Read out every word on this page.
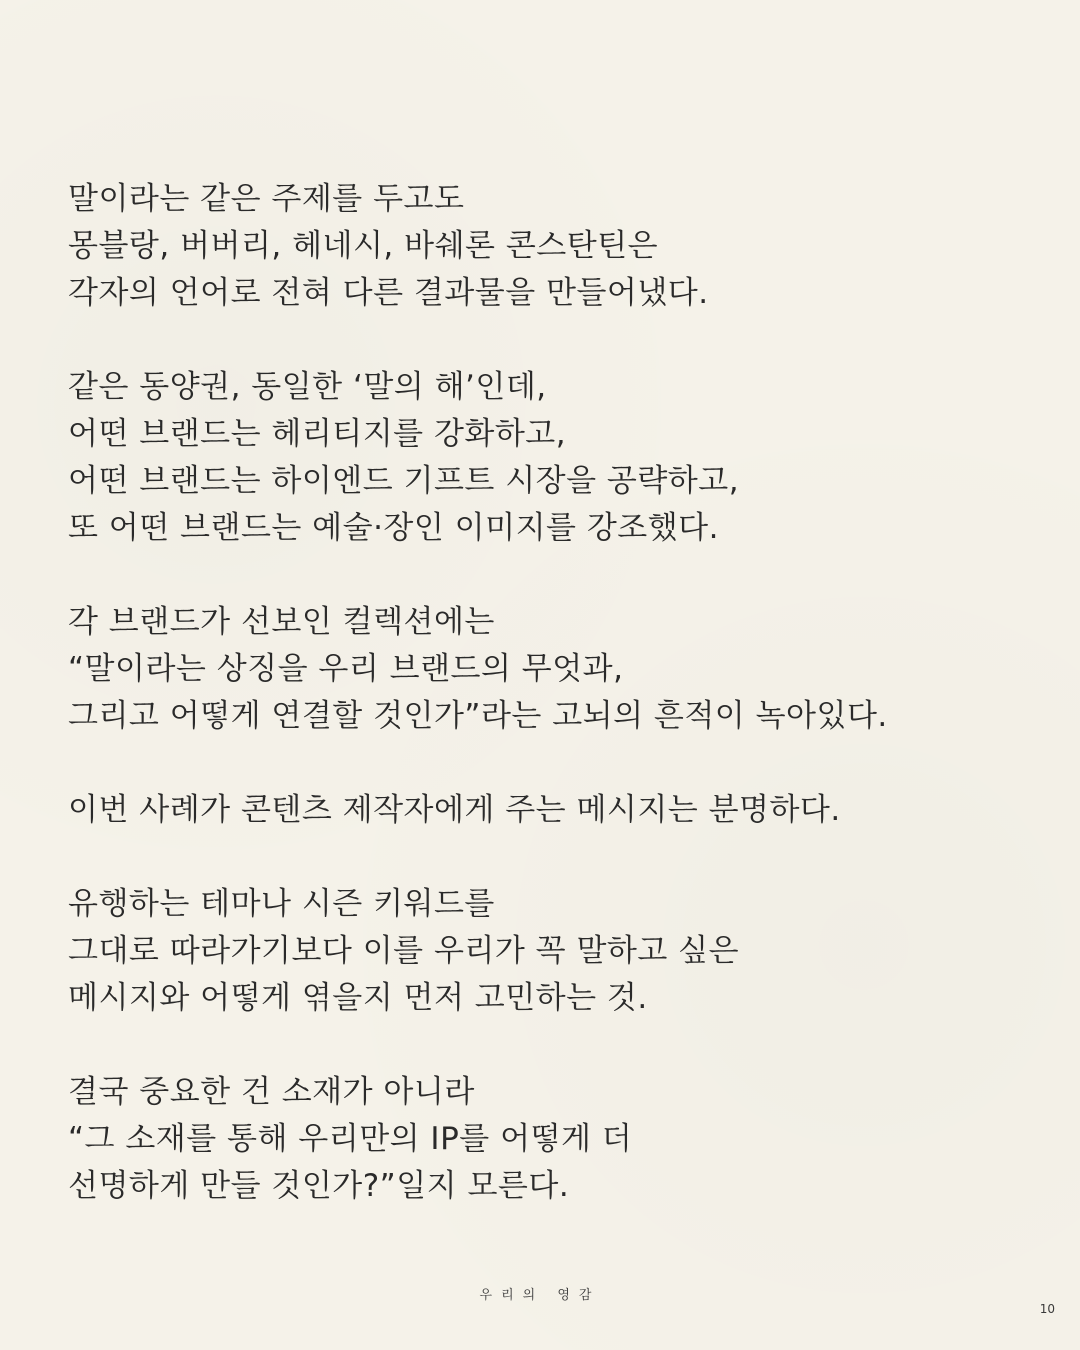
말이라는 같은 주제를 두고도
몽블랑, 버버리, 헤네시, 바쉐론 콘스탄틴은
각자의 언어로 전혀 다른 결과물을 만들어냈다.

같은 동양권, 동일한 ‘말의 해’인데,
어떤 브랜드는 헤리티지를 강화하고,
어떤 브랜드는 하이엔드 기프트 시장을 공략하고,
또 어떤 브랜드는 예술·장인 이미지를 강조했다.

각 브랜드가 선보인 컬렉션에는
“말이라는 상징을 우리 브랜드의 무엇과,
그리고 어떻게 연결할 것인가”라는 고뇌의 흔적이 녹아있다.

이번 사례가 콘텐츠 제작자에게 주는 메시지는 분명하다.

유행하는 테마나 시즌 키워드를
그대로 따라가기보다 이를 우리가 꼭 말하고 싶은
메시지와 어떻게 엮을지 먼저 고민하는 것.

결국 중요한 건 소재가 아니라
“그 소재를 통해 우리만의 IP를 어떻게 더
선명하게 만들 것인가?”일지 모른다.

우리의 영감
10
